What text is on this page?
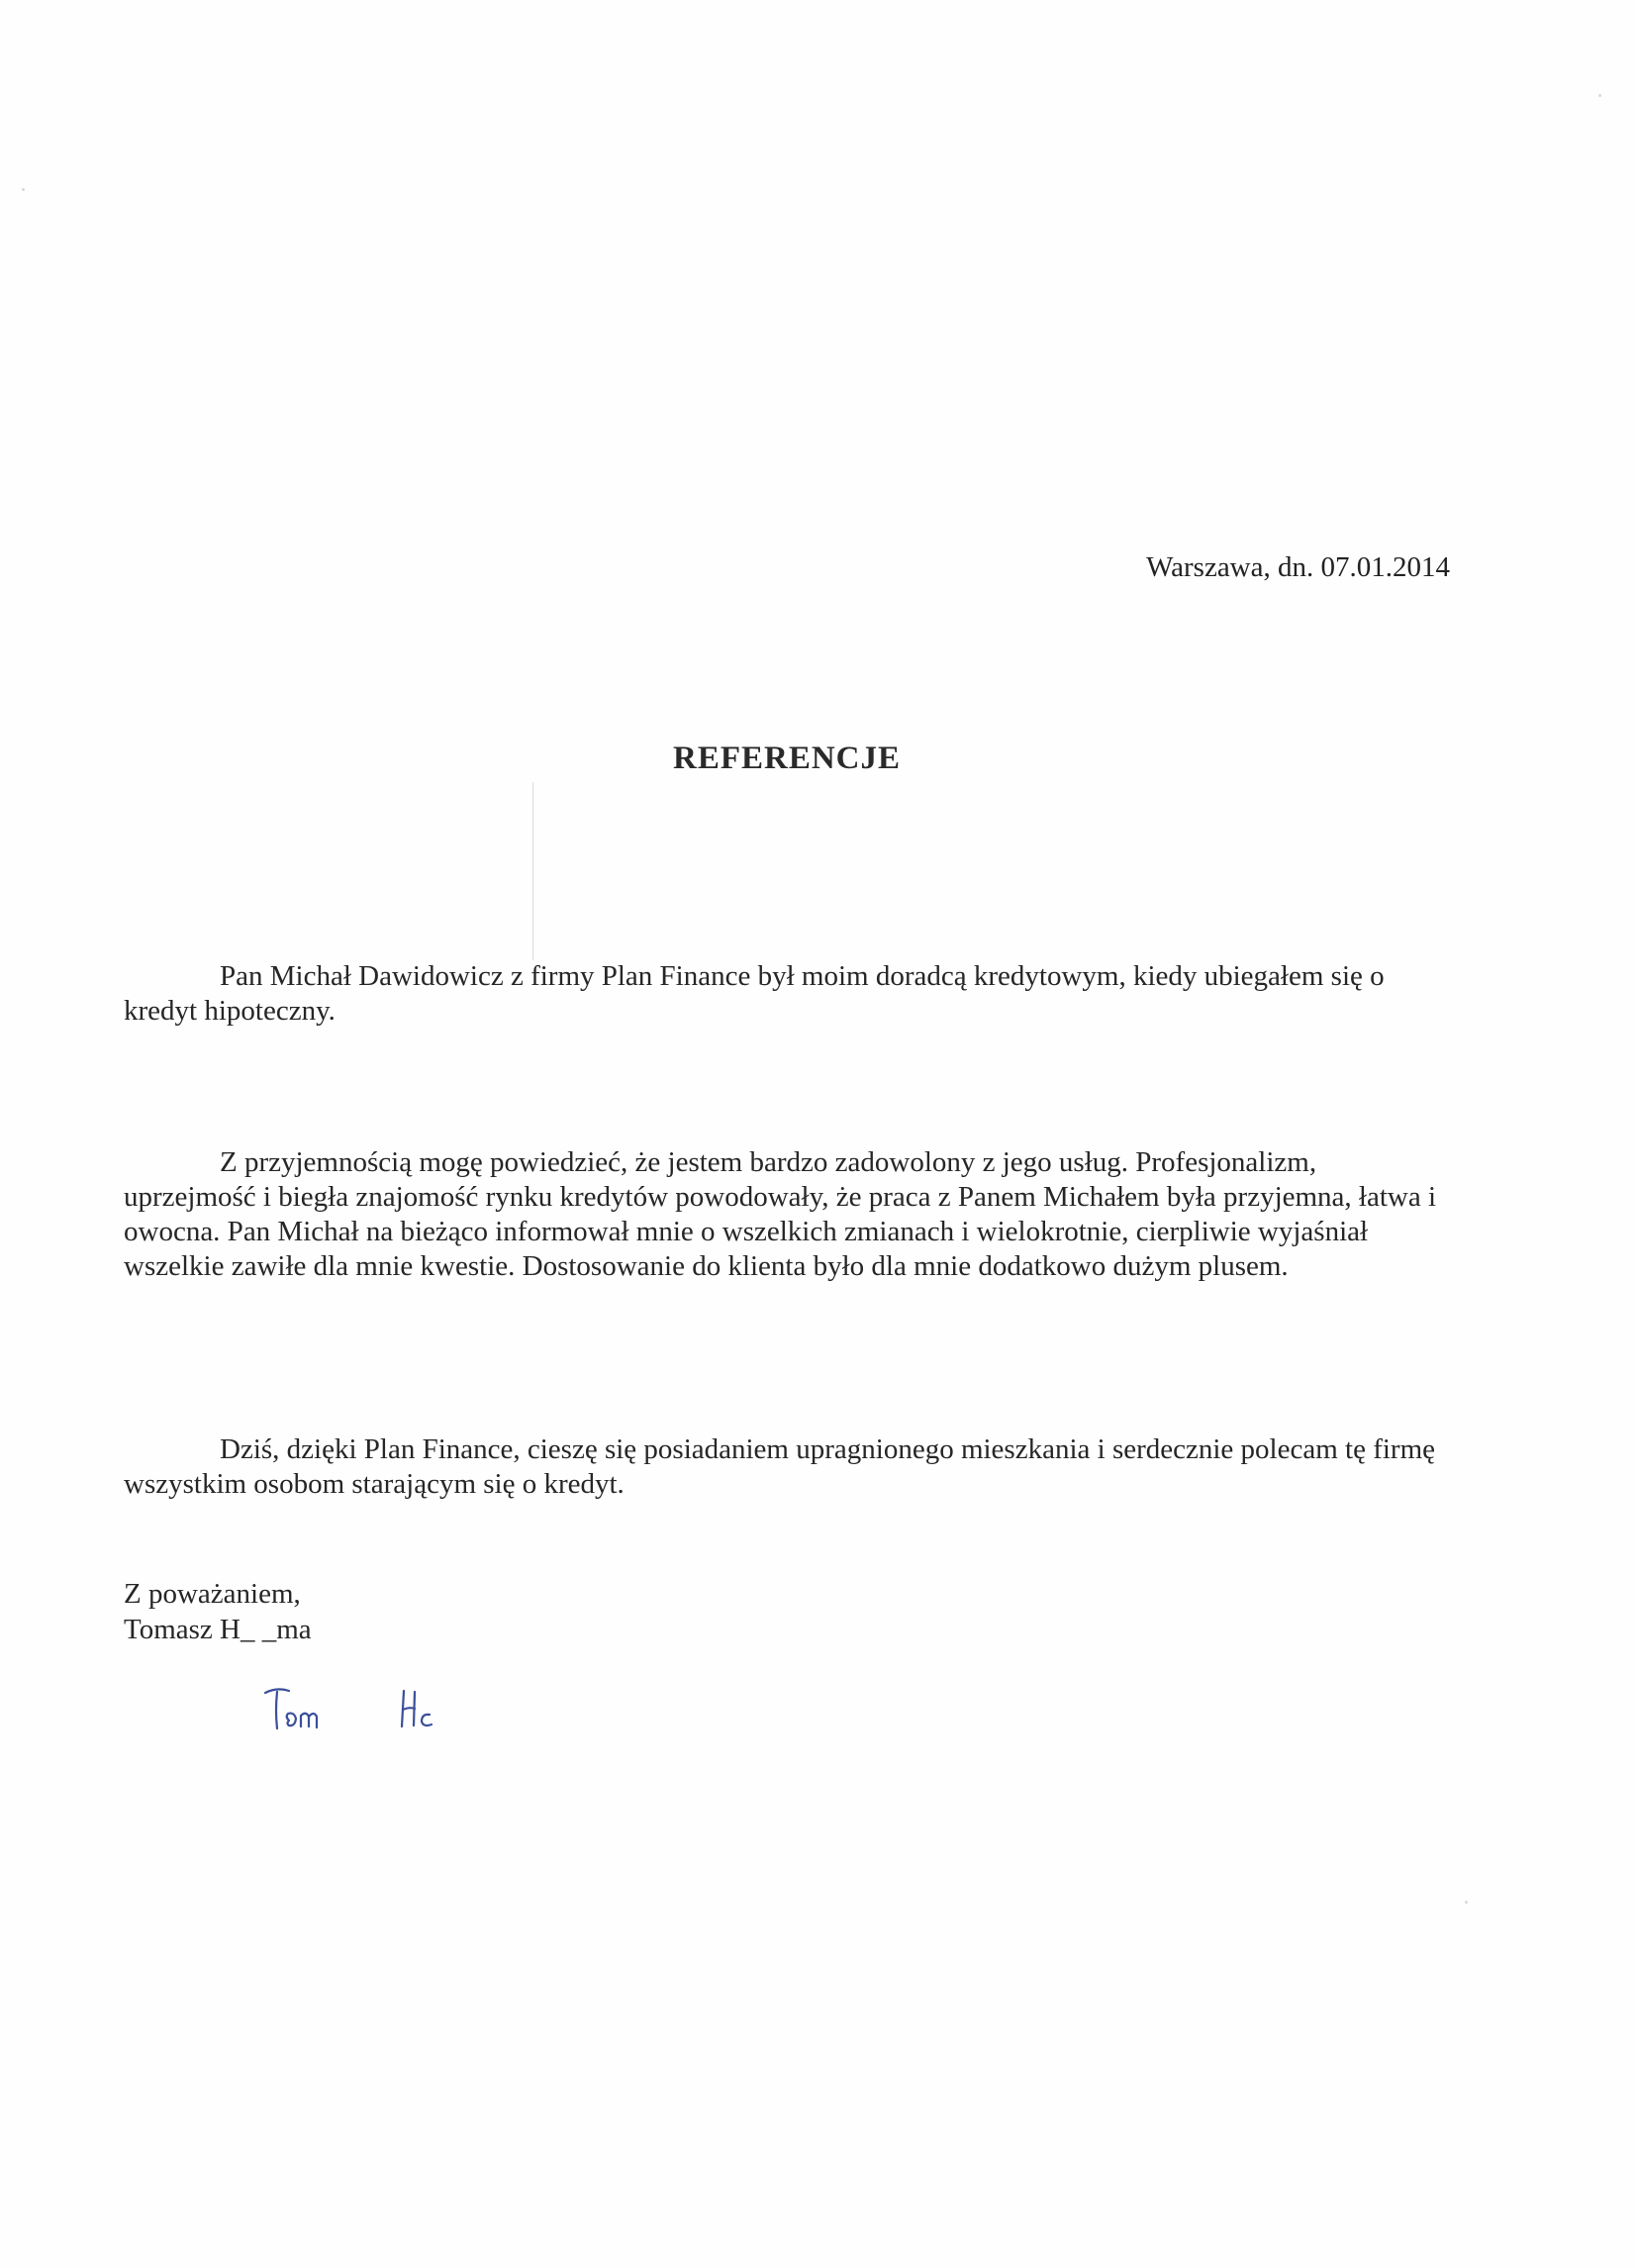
Warszawa, dn. 07.01.2014
REFERENCJE

Pan Michał Dawidowicz z firmy Plan Finance był moim doradcą kredytowym, kiedy ubiegałem się o kredyt hipoteczny.

Z przyjemnością mogę powiedzieć, że jestem bardzo zadowolony z jego usług. Profesjonalizm, uprzejmość i biegła znajomość rynku kredytów powodowały, że praca z Panem Michałem była przyjemna, łatwa i owocna. Pan Michał na bieżąco informował mnie o wszelkich zmianach i wielokrotnie, cierpliwie wyjaśniał wszelkie zawiłe dla mnie kwestie. Dostosowanie do klienta było dla mnie dodatkowo dużym plusem.

Dziś, dzięki Plan Finance, cieszę się posiadaniem upragnionego mieszkania i serdecznie polecam tę firmę wszystkim osobom starającym się o kredyt.

Z poważaniem,
Tomasz H_ _ma
